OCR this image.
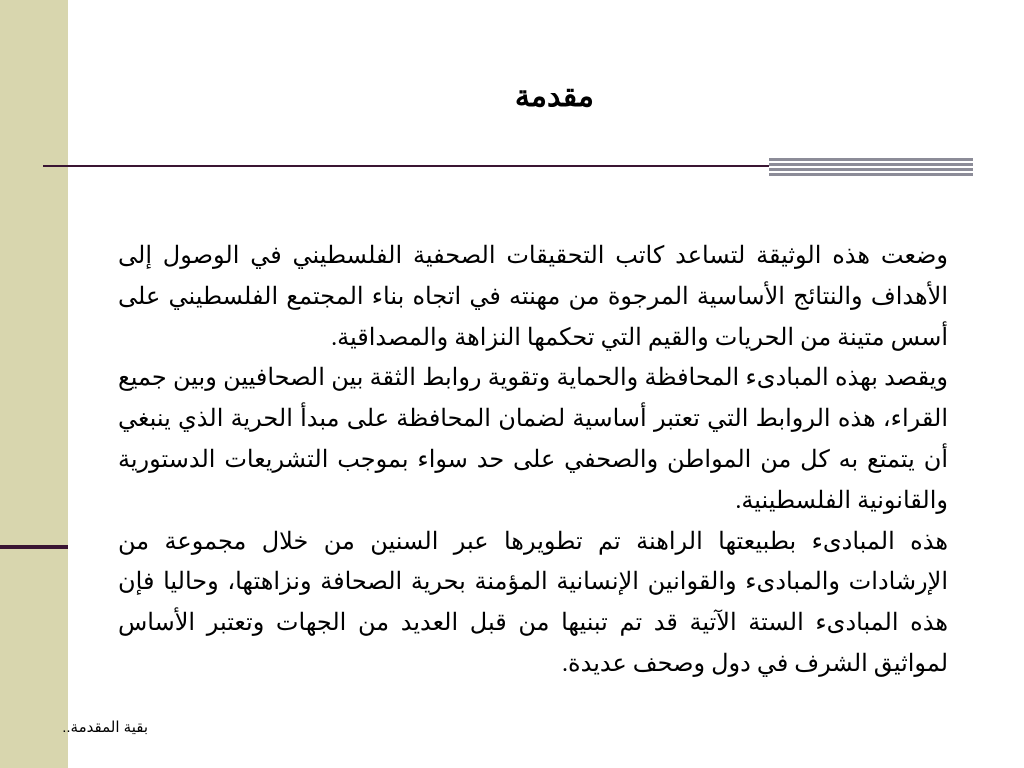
مقدمة

وضعت هذه الوثيقة لتساعد كاتب التحقيقات الصحفية الفلسطيني في الوصول إلى الأهداف والنتائج الأساسية المرجوة من مهنته في اتجاه بناء المجتمع الفلسطيني على أسس متينة من الحريات والقيم التي تحكمها النزاهة والمصداقية.

ويقصد بهذه المبادىء المحافظة والحماية وتقوية روابط الثقة بين الصحافيين وبين جميع القراء، هذه الروابط التي تعتبر أساسية لضمان المحافظة على مبدأ الحرية الذي ينبغي أن يتمتع به كل من المواطن والصحفي على حد سواء بموجب التشريعات الدستورية والقانونية الفلسطينية.

هذه المبادىء بطبيعتها الراهنة تم تطويرها عبر السنين من خلال مجموعة من الإرشادات والمبادىء والقوانين الإنسانية المؤمنة بحرية الصحافة ونزاهتها، وحاليا فإن هذه المبادىء الستة الآتية قد تم تبنيها من قبل العديد من الجهات وتعتبر الأساس لمواثيق الشرف في دول وصحف عديدة.

بقية المقدمة..
